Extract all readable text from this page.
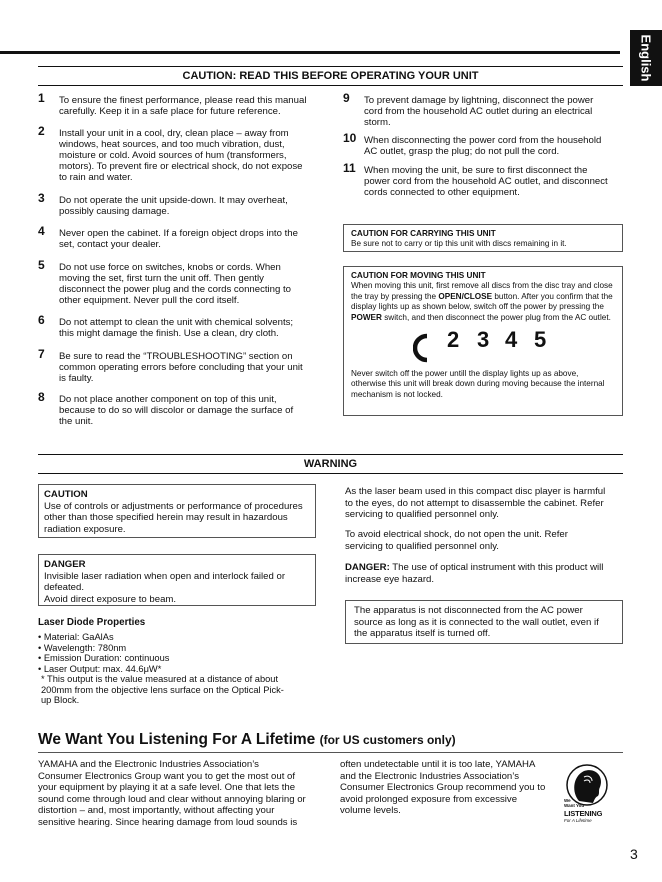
English
CAUTION: READ THIS BEFORE OPERATING YOUR UNIT
1 To ensure the finest performance, please read this manual
carefully. Keep it in a safe place for future reference.
2 Install your unit in a cool, dry, clean place – away from
windows, heat sources, and too much vibration, dust,
moisture or cold. Avoid sources of hum (transformers,
motors). To prevent fire or electrical shock, do not expose
to rain and water.
3 Do not operate the unit upside-down. It may overheat,
possibly causing damage.
4 Never open the cabinet. If a foreign object drops into the
set, contact your dealer.
5 Do not use force on switches, knobs or cords. When
moving the set, first turn the unit off. Then gently
disconnect the power plug and the cords connecting to
other equipment. Never pull the cord itself.
6 Do not attempt to clean the unit with chemical solvents;
this might damage the finish. Use a clean, dry cloth.
7 Be sure to read the “TROUBLESHOOTING” section on
common operating errors before concluding that your unit
is faulty.
8 Do not place another component on top of this unit,
because to do so will discolor or damage the surface of
the unit.
9 To prevent damage by lightning, disconnect the power
cord from the household AC outlet during an electrical
storm.
10 When disconnecting the power cord from the household
AC outlet, grasp the plug; do not pull the cord.
11 When moving the unit, be sure to first disconnect the
power cord from the household AC outlet, and disconnect
cords connected to other equipment.
CAUTION FOR CARRYING THIS UNIT
Be sure not to carry or tip this unit with discs remaining in it.
CAUTION FOR MOVING THIS UNIT
When moving this unit, first remove all discs from the disc tray and close the tray by pressing the OPEN/CLOSE button. After you confirm that the display lights up as shown below, switch off the power by pressing the POWER switch, and then disconnect the power plug from the AC outlet.
2 3 4 5
Never switch off the power untill the display lights up as above, otherwise this unit will break down during moving because the internal mechanism is not locked.
WARNING
CAUTION
Use of controls or adjustments or performance of procedures other than those specified herein may result in hazardous radiation exposure.
DANGER
Invisible laser radiation when open and interlock failed or defeated.
Avoid direct exposure to beam.
Laser Diode Properties
• Material: GaAlAs
• Wavelength: 780nm
• Emission Duration: continuous
• Laser Output: max. 44.6μW*
* This output is the value measured at a distance of about
200mm from the objective lens surface on the Optical Pick-
up Block.
As the laser beam used in this compact disc player is harmful
to the eyes, do not attempt to disassemble the cabinet. Refer
servicing to qualified personnel only.
To avoid electrical shock, do not open the unit. Refer
servicing to qualified personnel only.
DANGER: The use of optical instrument with this product will
increase eye hazard.
The apparatus is not disconnected from the AC power
source as long as it is connected to the wall outlet, even if
the apparatus itself is turned off.
We Want You Listening For A Lifetime (for US customers only)
YAMAHA and the Electronic Industries Association’s
Consumer Electronics Group want you to get the most out of
your equipment by playing it at a safe level. One that lets the
sound come through loud and clear without annoying blaring or
distortion – and, most importantly, without affecting your
sensitive hearing. Since hearing damage from loud sounds is
often undetectable until it is too late, YAMAHA
and the Electronic Industries Association’s
Consumer Electronics Group recommend you to
avoid prolonged exposure from excessive
volume levels.
We
Want You
LISTENING
For A Lifetime
3
